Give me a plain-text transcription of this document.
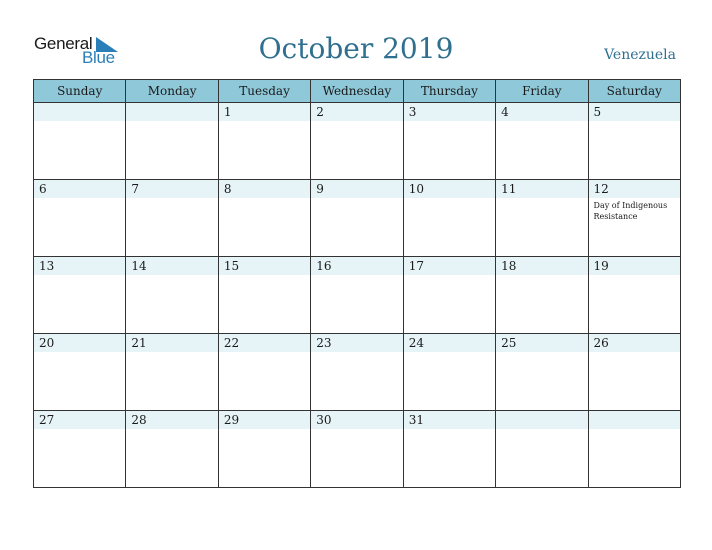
General
Blue	October 2019	Venezuela
Sunday	Monday	Tuesday	Wednesday	Thursday	Friday	Saturday

		1	2	3	4	5

6	7	8	9	10	11	12
Day of Indigenous Resistance

13	14	15	16	17	18	19

20	21	22	23	24	25	26

27	28	29	30	31		
